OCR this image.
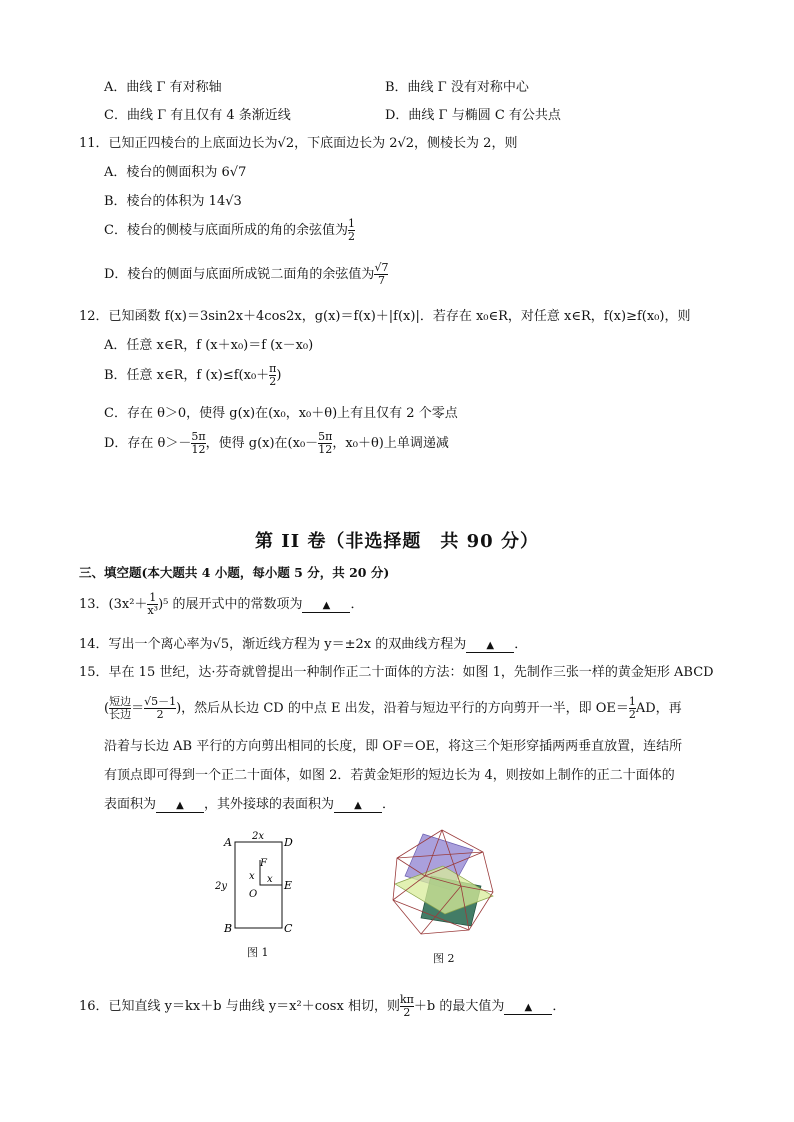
A．曲线 Γ 有对称轴	B．曲线 Γ 没有对称中心
C．曲线 Γ 有且仅有 4 条渐近线	D．曲线 Γ 与椭圆 C 有公共点
11．已知正四棱台的上底面边长为√2，下底面边长为 2√2，侧棱长为 2，则
A．棱台的侧面积为 6√7
B．棱台的体积为 14√3
C．棱台的侧棱与底面所成的角的余弦值为 $\frac{1}{2}$
D．棱台的侧面与底面所成锐二面角的余弦值为 $\frac{√7}{7}$
12．已知函数 f(x)＝3sin2x＋4cos2x，g(x)＝f(x)＋|f(x)|．若存在 x₀∈R，对任意 x∈R，f(x)≥f(x₀)，则
A．任意 x∈R，f (x＋x₀)＝f (x－x₀)
B．任意 x∈R，f $(x)\le f(x_0+ \frac{\pi}{2}$ )
C．存在 θ＞0，使得 g(x)在(x₀，x₀＋θ)上有且仅有 2 个零点
D．存在 $\theta>- \frac{5\pi}{12}$ ，使得 g(x)在($x_0- \frac{5\pi}{12}$ ，x₀＋θ)上单调递减
第 II 卷（非选择题　共 90 分）
三、填空题(本大题共 4 小题，每小题 5 分，共 20 分)
13．$(3x^2+ \frac{1}{\text{x³}} )^5$ 的展开式中的常数项为 ▲ ．
14．写出一个离心率为√5，渐近线方程为 y＝±2x 的双曲线方程为 ▲ ．
15．早在 15 世纪，达·芬奇就曾提出一种制作正二十面体的方法：如图 1，先制作三张一样的黄金矩形 ABCD
( $\frac{\text{短边}}{\text{长边}} = \frac{√5-1}{2}$ )，然后从长边 CD 的中点 E 出发，沿着与短边平行的方向剪开一半，即 $OE= \frac{1}{2}$ AD，再
沿着与长边 AB 平行的方向剪出相同的长度，即 OF＝OE，将这三个矩形穿插两两垂直放置，连结所
有顶点即可得到一个正二十面体，如图 2．若黄金矩形的短边长为 4，则按如上制作的正二十面体的
表面积为 ▲ ，其外接球的表面积为 ▲ ．
A	D
B	C
E
F
O
2x
2y
x x
图 1	图 2
16．已知直线 y＝kx＋b 与曲线 y＝x²＋cosx 相切，则 $\frac{k\pi}{2} +b$ 的最大值为 ▲ ．
